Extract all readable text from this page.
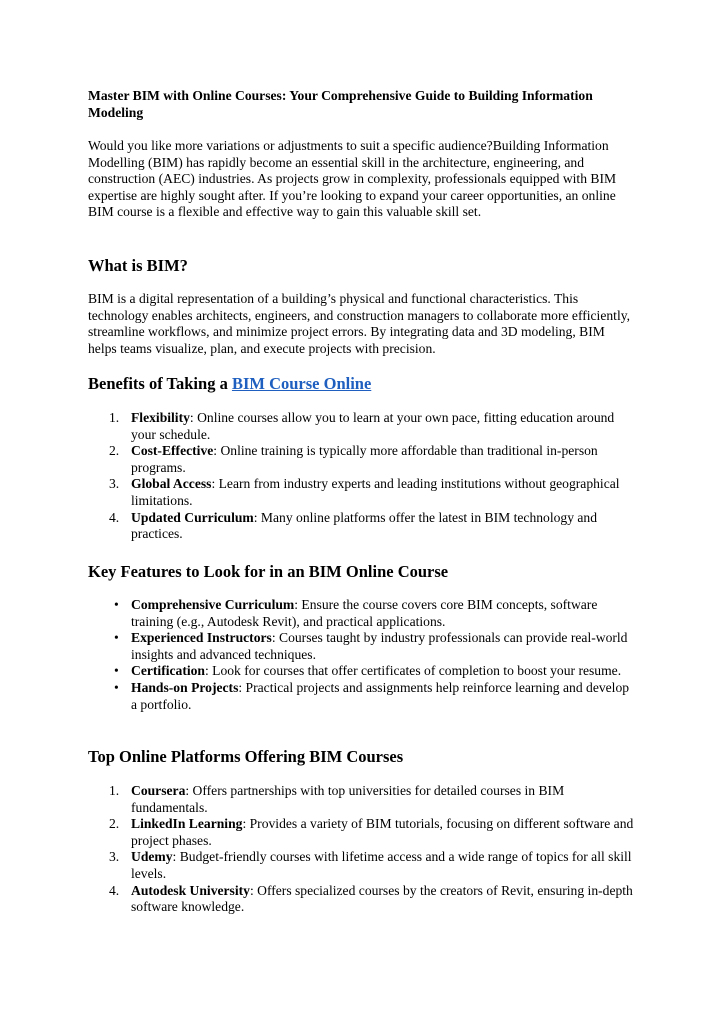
Master BIM with Online Courses: Your Comprehensive Guide to Building Information Modeling

Would you like more variations or adjustments to suit a specific audience?Building Information Modelling (BIM) has rapidly become an essential skill in the architecture, engineering, and construction (AEC) industries. As projects grow in complexity, professionals equipped with BIM expertise are highly sought after. If you’re looking to expand your career opportunities, an online BIM course is a flexible and effective way to gain this valuable skill set.

What is BIM?

BIM is a digital representation of a building’s physical and functional characteristics. This technology enables architects, engineers, and construction managers to collaborate more efficiently, streamline workflows, and minimize project errors. By integrating data and 3D modeling, BIM helps teams visualize, plan, and execute projects with precision.

Benefits of Taking a BIM Course Online
1. Flexibility: Online courses allow you to learn at your own pace, fitting education around your schedule.
2. Cost-Effective: Online training is typically more affordable than traditional in-person programs.
3. Global Access: Learn from industry experts and leading institutions without geographical limitations.
4. Updated Curriculum: Many online platforms offer the latest in BIM technology and practices.
Key Features to Look for in an BIM Online Course
• Comprehensive Curriculum: Ensure the course covers core BIM concepts, software training (e.g., Autodesk Revit), and practical applications.
• Experienced Instructors: Courses taught by industry professionals can provide real-world insights and advanced techniques.
• Certification: Look for courses that offer certificates of completion to boost your resume.
• Hands-on Projects: Practical projects and assignments help reinforce learning and develop a portfolio.
Top Online Platforms Offering BIM Courses
1. Coursera: Offers partnerships with top universities for detailed courses in BIM fundamentals.
2. LinkedIn Learning: Provides a variety of BIM tutorials, focusing on different software and project phases.
3. Udemy: Budget-friendly courses with lifetime access and a wide range of topics for all skill levels.
4. Autodesk University: Offers specialized courses by the creators of Revit, ensuring in-depth software knowledge.
